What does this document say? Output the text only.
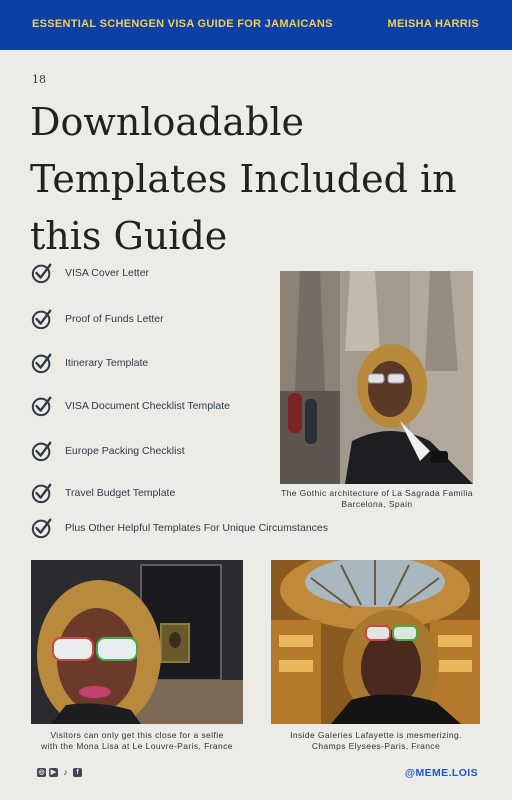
ESSENTIAL SCHENGEN VISA GUIDE FOR JAMAICANS	MEISHA HARRIS
18
Downloadable Templates Included in this Guide
VISA Cover Letter
Proof of Funds Letter
Itinerary Template
VISA Document Checklist Template
Europe Packing Checklist
Travel Budget Template
Plus Other Helpful Templates For Unique Circumstances
The Gothic architecture of La Sagrada Familia
Barcelona, Spain
Visitors can only get this close for a selfie
with the Mona Lisa at Le Louvre-Paris, France
Inside Galeries Lafayette is mesmerizing.
Champs Elysees-Paris, France
◎ ▶ ♪	f	@MEME.LOIS
